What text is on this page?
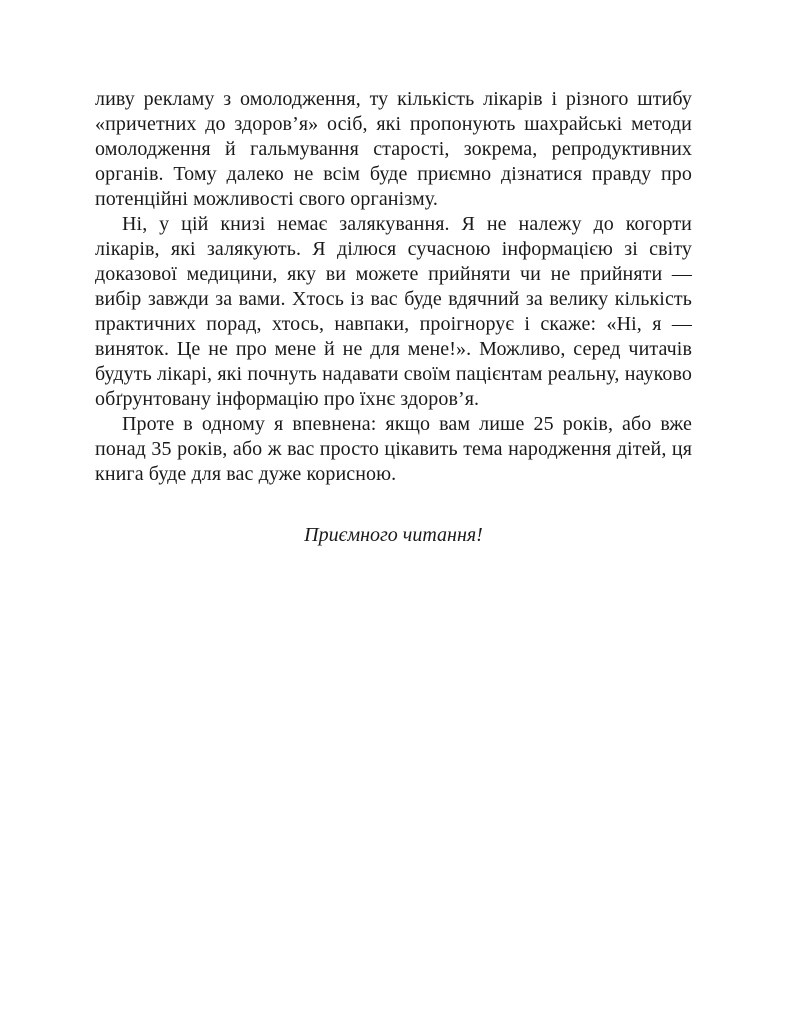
ливу рекламу з омолодження, ту кількість лікарів і різного штибу «причетних до здоров’я» осіб, які пропонують шахрайські методи омолодження й гальмування старості, зокрема, репродуктивних органів. Тому далеко не всім буде приємно дізнатися правду про потенційні можливості свого організму.

Ні, у цій книзі немає залякування. Я не належу до когорти лікарів, які залякують. Я ділюся сучасною інформацією зі світу доказової медицини, яку ви можете прийняти чи не прийняти — вибір завжди за вами. Хтось із вас буде вдячний за велику кількість практичних порад, хтось, навпаки, проігнорує і скаже: «Ні, я — виняток. Це не про мене й не для мене!». Можливо, серед читачів будуть лікарі, які почнуть надавати своїм пацієнтам реальну, науково обґрунтовану інформацію про їхнє здоров’я.

Проте в одному я впевнена: якщо вам лише 25 років, або вже понад 35 років, або ж вас просто цікавить тема народження дітей, ця книга буде для вас дуже корисною.

Приємного читання!
